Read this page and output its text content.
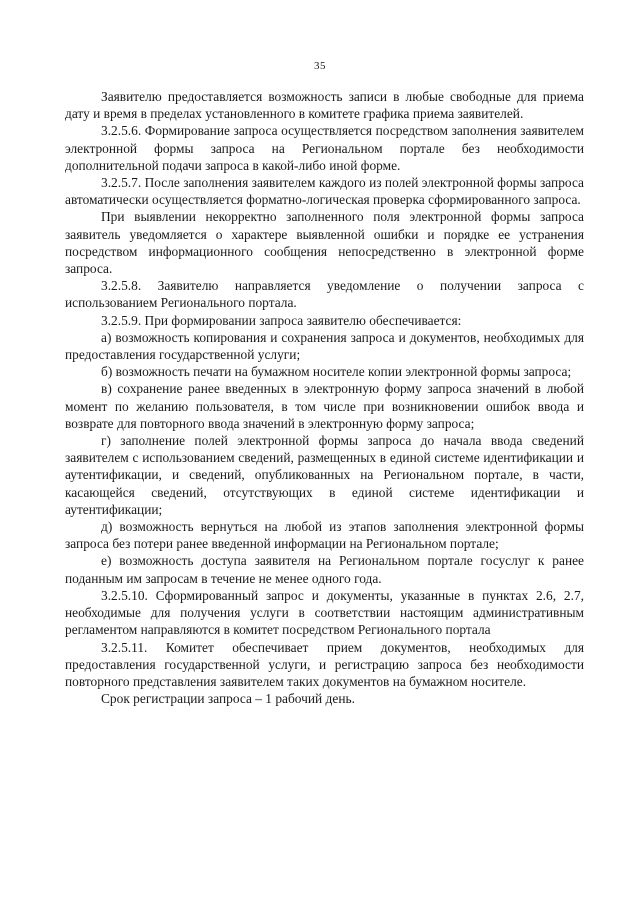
35

Заявителю предоставляется возможность записи в любые свободные для приема дату и время в пределах установленного в комитете графика приема заявителей.

3.2.5.6. Формирование запроса осуществляется посредством заполнения заявителем электронной формы запроса на Региональном портале без необходимости дополнительной подачи запроса в какой-либо иной форме.

3.2.5.7. После заполнения заявителем каждого из полей электронной формы запроса автоматически осуществляется форматно-логическая проверка сформированного запроса.

При выявлении некорректно заполненного поля электронной формы запроса заявитель уведомляется о характере выявленной ошибки и порядке ее устранения посредством информационного сообщения непосредственно в электронной форме запроса.

3.2.5.8. Заявителю направляется уведомление о получении запроса с использованием Регионального портала.

3.2.5.9. При формировании запроса заявителю обеспечивается:

а) возможность копирования и сохранения запроса и документов, необходимых для предоставления государственной услуги;

б) возможность печати на бумажном носителе копии электронной формы запроса;

в) сохранение ранее введенных в электронную форму запроса значений в любой момент по желанию пользователя, в том числе при возникновении ошибок ввода и возврате для повторного ввода значений в электронную форму запроса;

г) заполнение полей электронной формы запроса до начала ввода сведений заявителем с использованием сведений, размещенных в единой системе идентификации и аутентификации, и сведений, опубликованных на Региональном портале, в части, касающейся сведений, отсутствующих в единой системе идентификации и аутентификации;

д) возможность вернуться на любой из этапов заполнения электронной формы запроса без потери ранее введенной информации на Региональном портале;

е) возможность доступа заявителя на Региональном портале госуслуг к ранее поданным им запросам в течение не менее одного года.

3.2.5.10. Сформированный запрос и документы, указанные в пунктах 2.6, 2.7, необходимые для получения услуги в соответствии настоящим административным регламентом направляются в комитет посредством Регионального портала

3.2.5.11. Комитет обеспечивает прием документов, необходимых для предоставления государственной услуги, и регистрацию запроса без необходимости повторного представления заявителем таких документов на бумажном носителе.

Срок регистрации запроса – 1 рабочий день.
